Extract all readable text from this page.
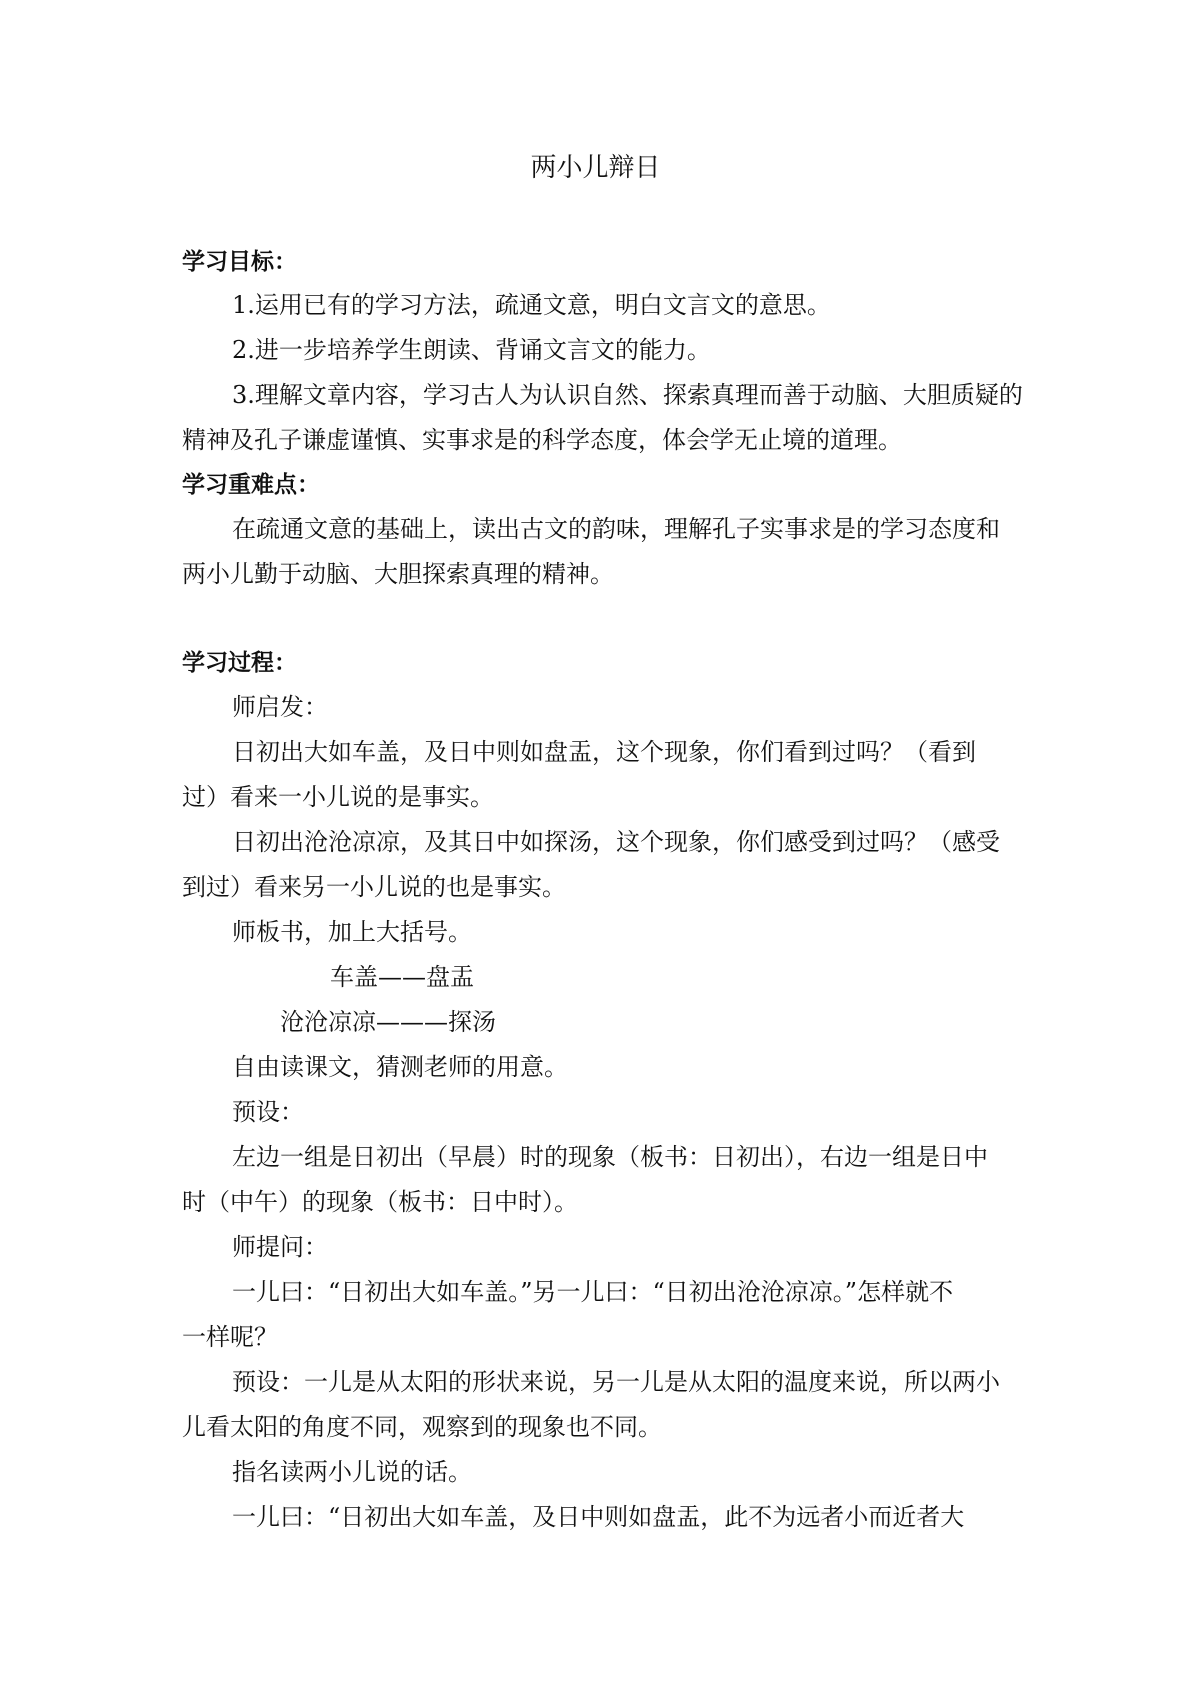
两小儿辩日
学习目标：
1.运用已有的学习方法，疏通文意，明白文言文的意思。
2.进一步培养学生朗读、背诵文言文的能力。
3.理解文章内容，学习古人为认识自然、探索真理而善于动脑、大胆质疑的
精神及孔子谦虚谨慎、实事求是的科学态度，体会学无止境的道理。
学习重难点：
在疏通文意的基础上，读出古文的韵味，理解孔子实事求是的学习态度和
两小儿勤于动脑、大胆探索真理的精神。
学习过程：
师启发：
日初出大如车盖，及日中则如盘盂，这个现象，你们看到过吗？（看到
过）看来一小儿说的是事实。
日初出沧沧凉凉，及其日中如探汤，这个现象，你们感受到过吗？（感受
到过）看来另一小儿说的也是事实。
师板书，加上大括号。
车盖——盘盂
沧沧凉凉———探汤
自由读课文，猜测老师的用意。
预设：
左边一组是日初出（早晨）时的现象（板书：日初出），右边一组是日中
时（中午）的现象（板书：日中时）。
师提问：
一儿曰：“日初出大如车盖。”另一儿曰：“日初出沧沧凉凉。”怎样就不
一样呢？
预设：一儿是从太阳的形状来说，另一儿是从太阳的温度来说，所以两小
儿看太阳的角度不同，观察到的现象也不同。
指名读两小儿说的话。
一儿曰：“日初出大如车盖，及日中则如盘盂，此不为远者小而近者大
